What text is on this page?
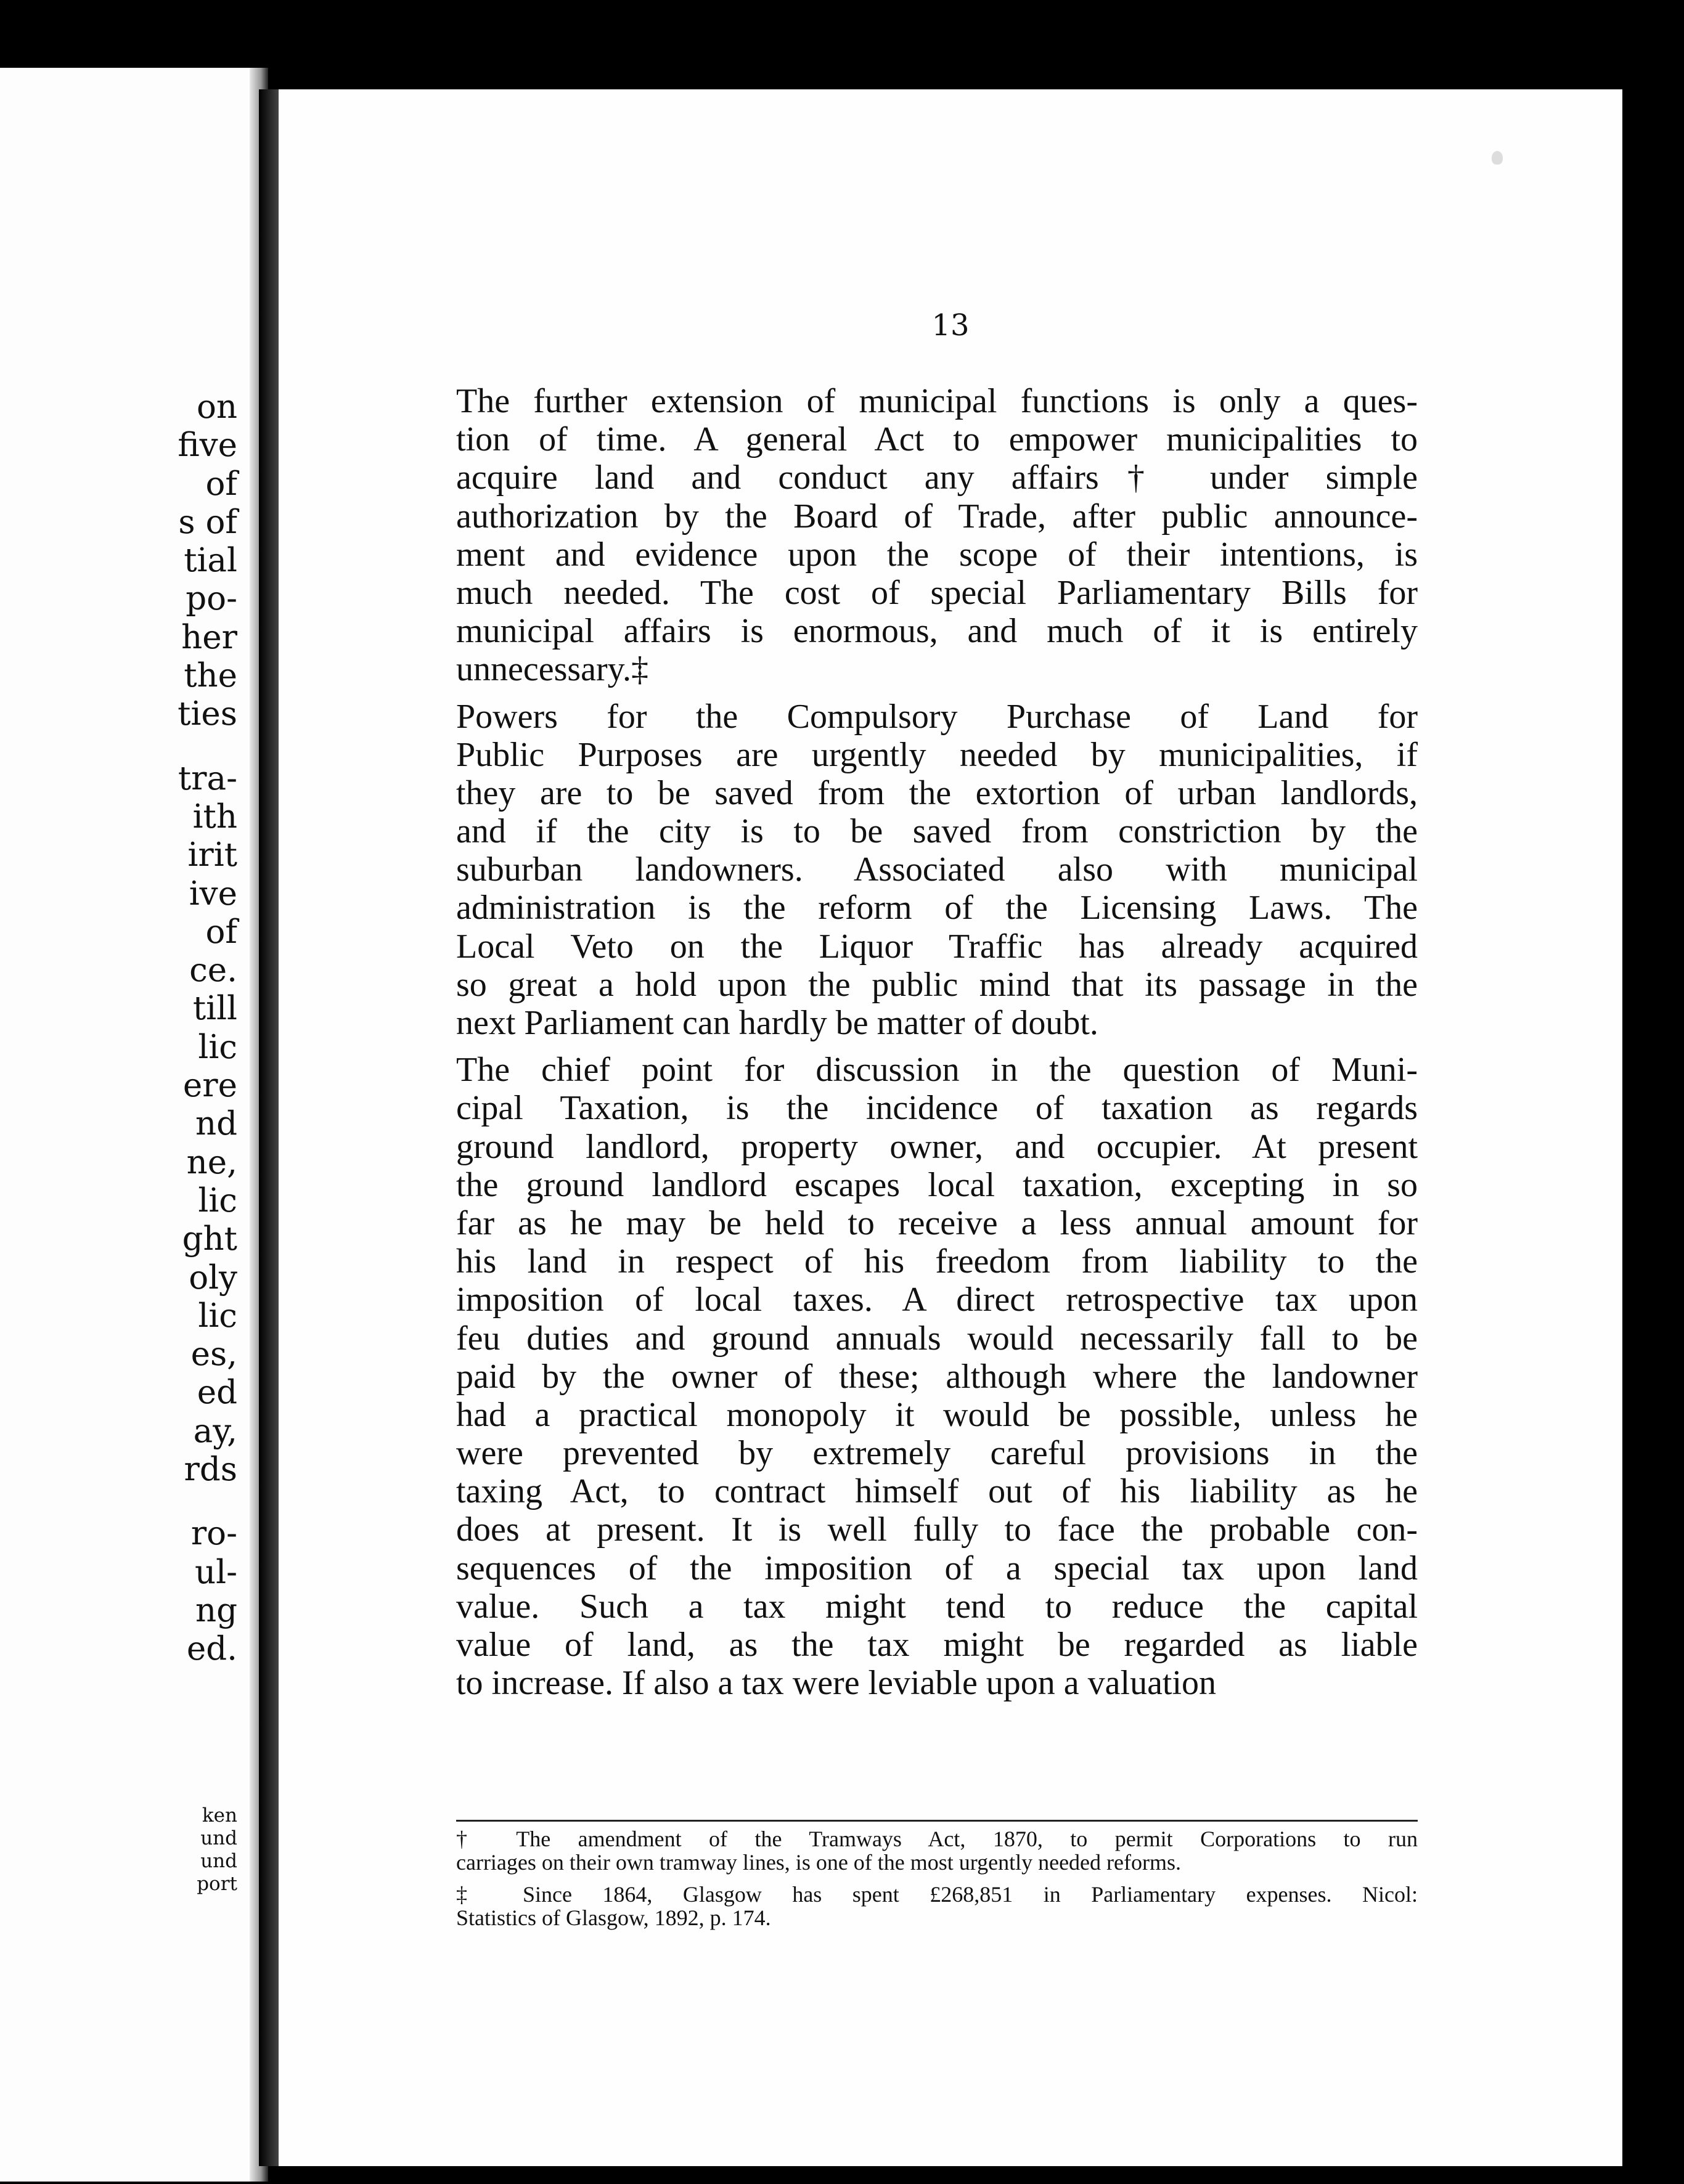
on
five
of
s of
tial
po-
her
the
ties
tra-
ith
irit
ive
of
ce.
till
lic
ere
nd
ne,
lic
ght
oly
lic
es,
ed
ay,
rds
ro-
ul-
ng
ed.
ken
und
und
port
13
The further extension of municipal functions is only a ques-
tion of time. A general Act to empower municipalities to
acquire land and conduct any affairs† under simple
authorization by the Board of Trade, after public announce-
ment and evidence upon the scope of their intentions, is
much needed. The cost of special Parliamentary Bills for
municipal affairs is enormous, and much of it is entirely
unnecessary.‡
Powers for the Compulsory Purchase of Land for
Public Purposes are urgently needed by municipalities, if
they are to be saved from the extortion of urban landlords,
and if the city is to be saved from constriction by the
suburban landowners. Associated also with municipal
administration is the reform of the Licensing Laws. The
Local Veto on the Liquor Traffic has already acquired
so great a hold upon the public mind that its passage in the
next Parliament can hardly be matter of doubt.
The chief point for discussion in the question of Muni-
cipal Taxation, is the incidence of taxation as regards
ground landlord, property owner, and occupier. At present
the ground landlord escapes local taxation, excepting in so
far as he may be held to receive a less annual amount for
his land in respect of his freedom from liability to the
imposition of local taxes. A direct retrospective tax upon
feu duties and ground annuals would necessarily fall to be
paid by the owner of these; although where the landowner
had a practical monopoly it would be possible, unless he
were prevented by extremely careful provisions in the
taxing Act, to contract himself out of his liability as he
does at present. It is well fully to face the probable con-
sequences of the imposition of a special tax upon land
value. Such a tax might tend to reduce the capital
value of land, as the tax might be regarded as liable
to increase. If also a tax were leviable upon a valuation
† The amendment of the Tramways Act, 1870, to permit Corporations to run
carriages on their own tramway lines, is one of the most urgently needed reforms.
‡ Since 1864, Glasgow has spent £268,851 in Parliamentary expenses. Nicol:
Statistics of Glasgow, 1892, p. 174.
